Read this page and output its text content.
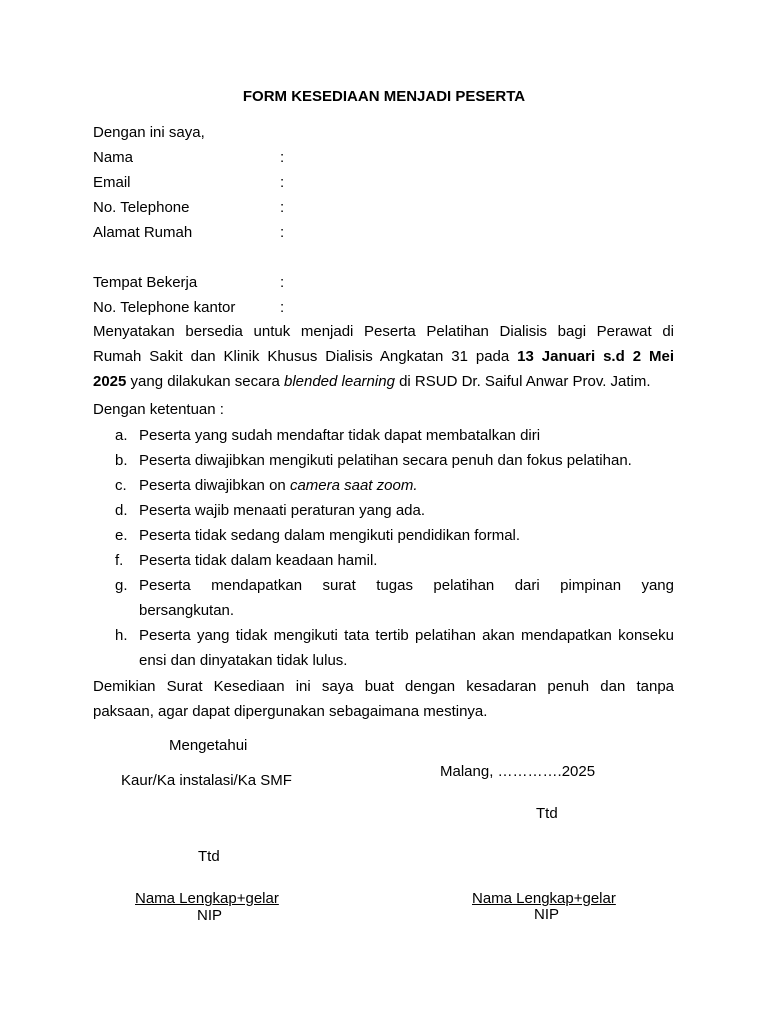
FORM KESEDIAAN MENJADI PESERTA
Dengan ini saya,
Nama	:
Email	:
No. Telephone	:
Alamat Rumah	:
Tempat Bekerja	:
No. Telephone kantor	:
Menyatakan bersedia untuk menjadi Peserta Pelatihan Dialisis bagi Perawat di
Rumah Sakit dan Klinik Khusus Dialisis Angkatan 31 pada 13 Januari s.d 2 Mei
2025 yang dilakukan secara blended learning di RSUD Dr. Saiful Anwar Prov. Jatim.
Dengan ketentuan :
a. Peserta yang sudah mendaftar tidak dapat membatalkan diri
b. Peserta diwajibkan mengikuti pelatihan secara penuh dan fokus pelatihan.
c. Peserta diwajibkan on camera saat zoom.
d. Peserta wajib menaati peraturan yang ada.
e. Peserta tidak sedang dalam mengikuti pendidikan formal.
f. Peserta tidak dalam keadaan hamil.
g. Peserta mendapatkan surat tugas pelatihan dari pimpinan yang
bersangkutan.
h. Peserta yang tidak mengikuti tata tertib pelatihan akan mendapatkan konseku
ensi dan dinyatakan tidak lulus.
Demikian Surat Kesediaan ini saya buat dengan kesadaran penuh dan tanpa
paksaan, agar dapat dipergunakan sebagaimana mestinya.
Mengetahui
Kaur/Ka instalasi/Ka SMF
Ttd
Nama Lengkap+gelar
NIP
Malang, ………….2025
Ttd
Nama Lengkap+gelar
NIP
